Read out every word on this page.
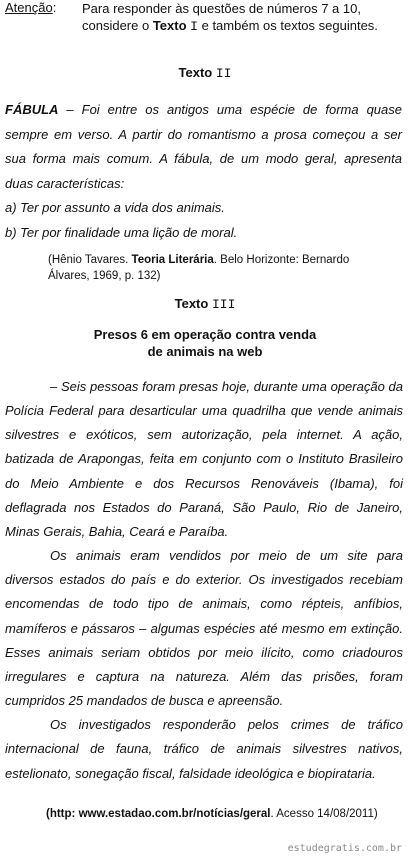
Atenção: Para responder às questões de números 7 a 10, considere o Texto I e também os textos seguintes.
Texto II

FÁBULA – Foi entre os antigos uma espécie de forma quase sempre em verso. A partir do romantismo a prosa começou a ser sua forma mais comum. A fábula, de um modo geral, apresenta duas características:

a) Ter por assunto a vida dos animais.

b) Ter por finalidade uma lição de moral.

(Hênio Tavares. Teoria Literária. Belo Horizonte: Bernardo
Álvares, 1969, p. 132)
Texto III
Presos 6 em operação contra venda
de animais na web

– Seis pessoas foram presas hoje, durante uma operação da Polícia Federal para desarticular uma quadrilha que vende animais silvestres e exóticos, sem autorização, pela internet. A ação, batizada de Arapongas, feita em conjunto com o Instituto Brasileiro do Meio Ambiente e dos Recursos Renováveis (Ibama), foi deflagrada nos Estados do Paraná, São Paulo, Rio de Janeiro, Minas Gerais, Bahia, Ceará e Paraíba.

Os animais eram vendidos por meio de um site para diversos estados do país e do exterior. Os investigados recebiam encomendas de todo tipo de animais, como répteis, anfíbios, mamíferos e pássaros – algumas espécies até mesmo em extinção. Esses animais seriam obtidos por meio ilícito, como criadouros irregulares e captura na natureza. Além das prisões, foram cumpridos 25 mandados de busca e apreensão.

Os investigados responderão pelos crimes de tráfico internacional de fauna, tráfico de animais silvestres nativos, estelionato, sonegação fiscal, falsidade ideológica e biopirataria.

(http: www.estadao.com.br/notícias/geral. Acesso 14/08/2011)
estudegratis.com.br
